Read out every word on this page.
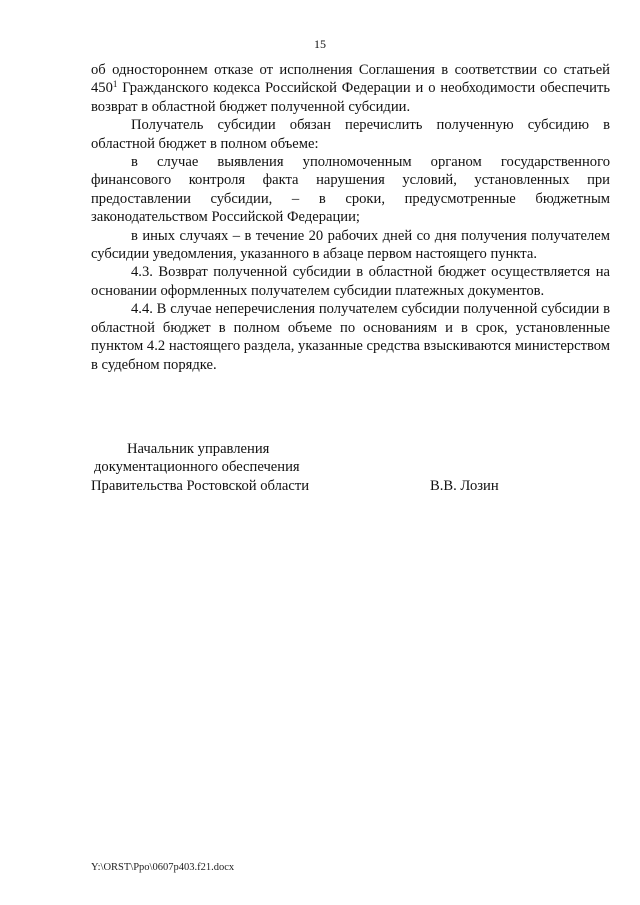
15

об одностороннем отказе от исполнения Соглашения в соответствии со статьей $450^1$ Гражданского кодекса Российской Федерации и о необходимости обеспечить возврат в областной бюджет полученной субсидии.

Получатель субсидии обязан перечислить полученную субсидию в областной бюджет в полном объеме:

в случае выявления уполномоченным органом государственного финансового контроля факта нарушения условий, установленных при предоставлении субсидии, – в сроки, предусмотренные бюджетным законодательством Российской Федерации;

в иных случаях – в течение 20 рабочих дней со дня получения получателем субсидии уведомления, указанного в абзаце первом настоящего пункта.

4.3. Возврат полученной субсидии в областной бюджет осуществляется на основании оформленных получателем субсидии платежных документов.

4.4. В случае неперечисления получателем субсидии полученной субсидии в областной бюджет в полном объеме по основаниям и в срок, установленные пунктом 4.2 настоящего раздела, указанные средства взыскиваются министерством в судебном порядке.

Начальник управления
документационного обеспечения
Правительства Ростовской области	В.В. Лозин
Y:\ORST\Ppo\0607p403.f21.docx
